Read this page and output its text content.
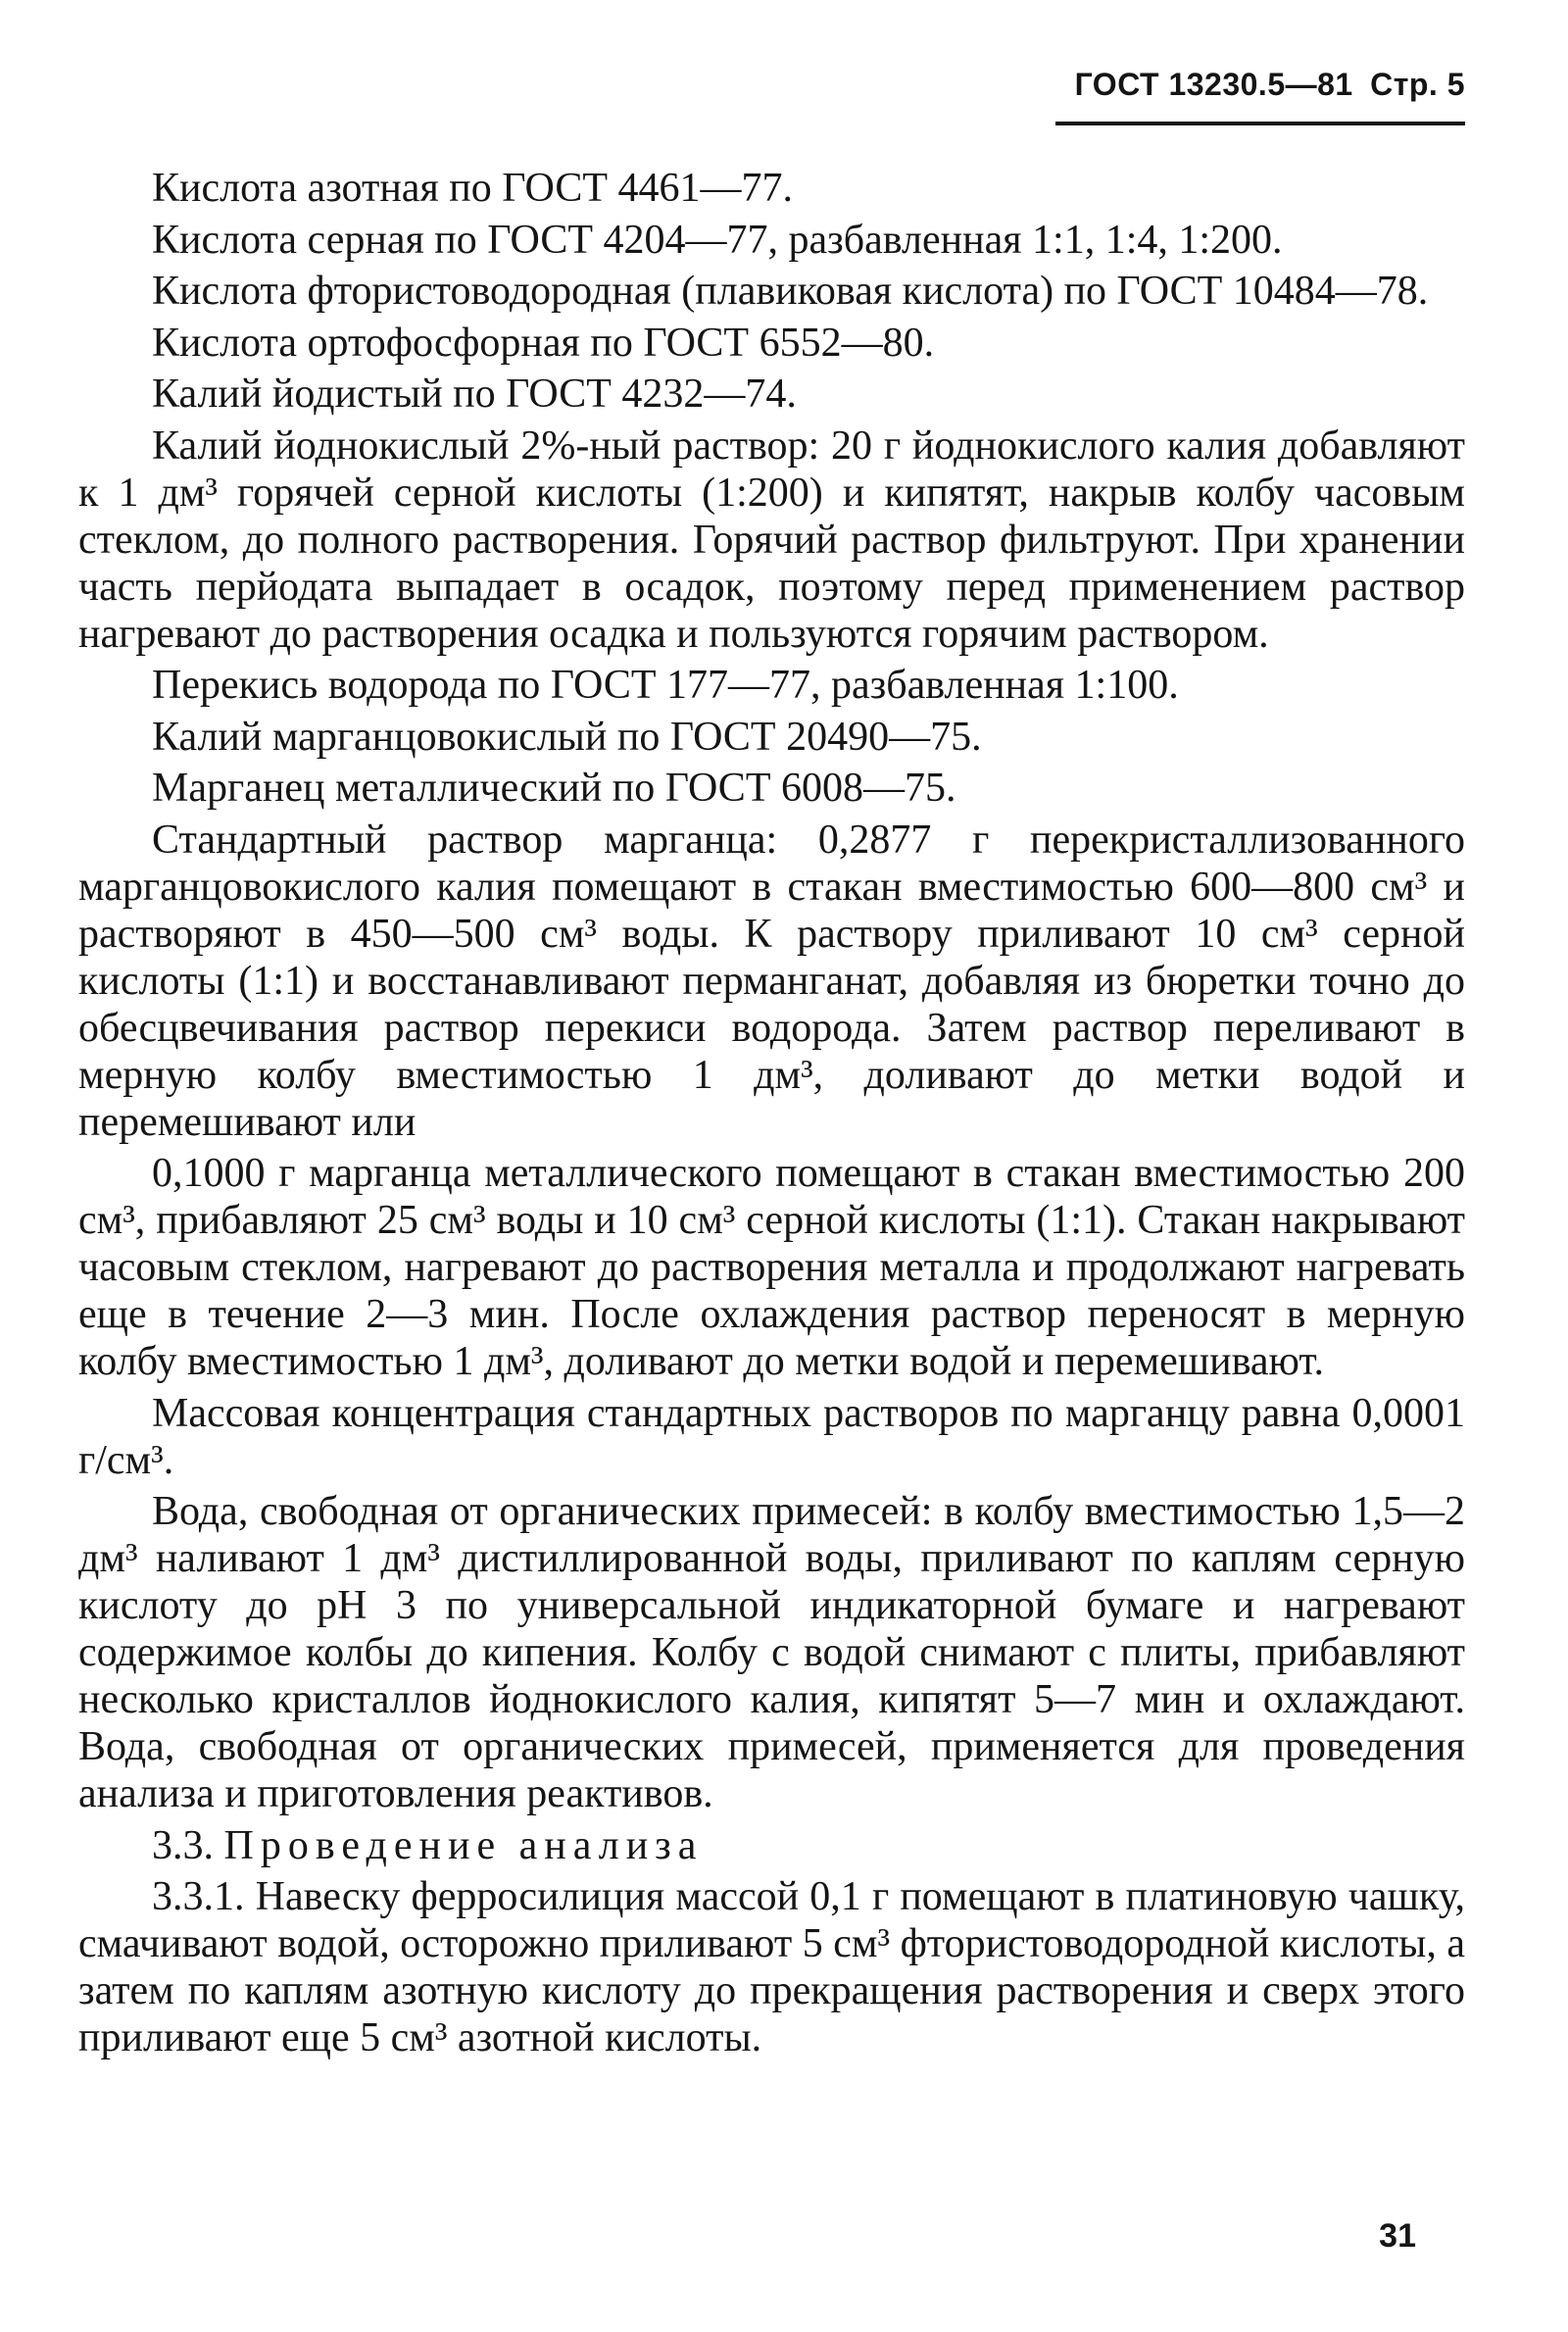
ГОСТ 13230.5—81 Стр. 5

Кислота азотная по ГОСТ 4461—77.

Кислота серная по ГОСТ 4204—77, разбавленная 1:1, 1:4, 1:200.

Кислота фтористоводородная (плавиковая кислота) по ГОСТ 10484—78.

Кислота ортофосфорная по ГОСТ 6552—80.

Калий йодистый по ГОСТ 4232—74.

Калий йоднокислый 2%-ный раствор: 20 г йоднокислого калия добавляют к 1 дм³ горячей серной кислоты (1:200) и кипятят, накрыв колбу часовым стеклом, до полного растворения. Горячий раствор фильтруют. При хранении часть перйодата выпадает в осадок, поэтому перед применением раствор нагревают до растворения осадка и пользуются горячим раствором.

Перекись водорода по ГОСТ 177—77, разбавленная 1:100.

Калий марганцовокислый по ГОСТ 20490—75.

Марганец металлический по ГОСТ 6008—75.

Стандартный раствор марганца: 0,2877 г перекристаллизованного марганцовокислого калия помещают в стакан вместимостью 600—800 см³ и растворяют в 450—500 см³ воды. К раствору приливают 10 см³ серной кислоты (1:1) и восстанавливают перманганат, добавляя из бюретки точно до обесцвечивания раствор перекиси водорода. Затем раствор переливают в мерную колбу вместимостью 1 дм³, доливают до метки водой и перемешивают или

0,1000 г марганца металлического помещают в стакан вместимостью 200 см³, прибавляют 25 см³ воды и 10 см³ серной кислоты (1:1). Стакан накрывают часовым стеклом, нагревают до растворения металла и продолжают нагревать еще в течение 2—3 мин. После охлаждения раствор переносят в мерную колбу вместимостью 1 дм³, доливают до метки водой и перемешивают.

Массовая концентрация стандартных растворов по марганцу равна 0,0001 г/см³.

Вода, свободная от органических примесей: в колбу вместимостью 1,5—2 дм³ наливают 1 дм³ дистиллированной воды, приливают по каплям серную кислоту до pH 3 по универсальной индикаторной бумаге и нагревают содержимое колбы до кипения. Колбу с водой снимают с плиты, прибавляют несколько кристаллов йоднокислого калия, кипятят 5—7 мин и охлаждают. Вода, свободная от органических примесей, применяется для проведения анализа и приготовления реактивов.

3.3. Проведение анализа

3.3.1. Навеску ферросилиция массой 0,1 г помещают в платиновую чашку, смачивают водой, осторожно приливают 5 см³ фтористоводородной кислоты, а затем по каплям азотную кислоту до прекращения растворения и сверх этого приливают еще 5 см³ азотной кислоты.

31
